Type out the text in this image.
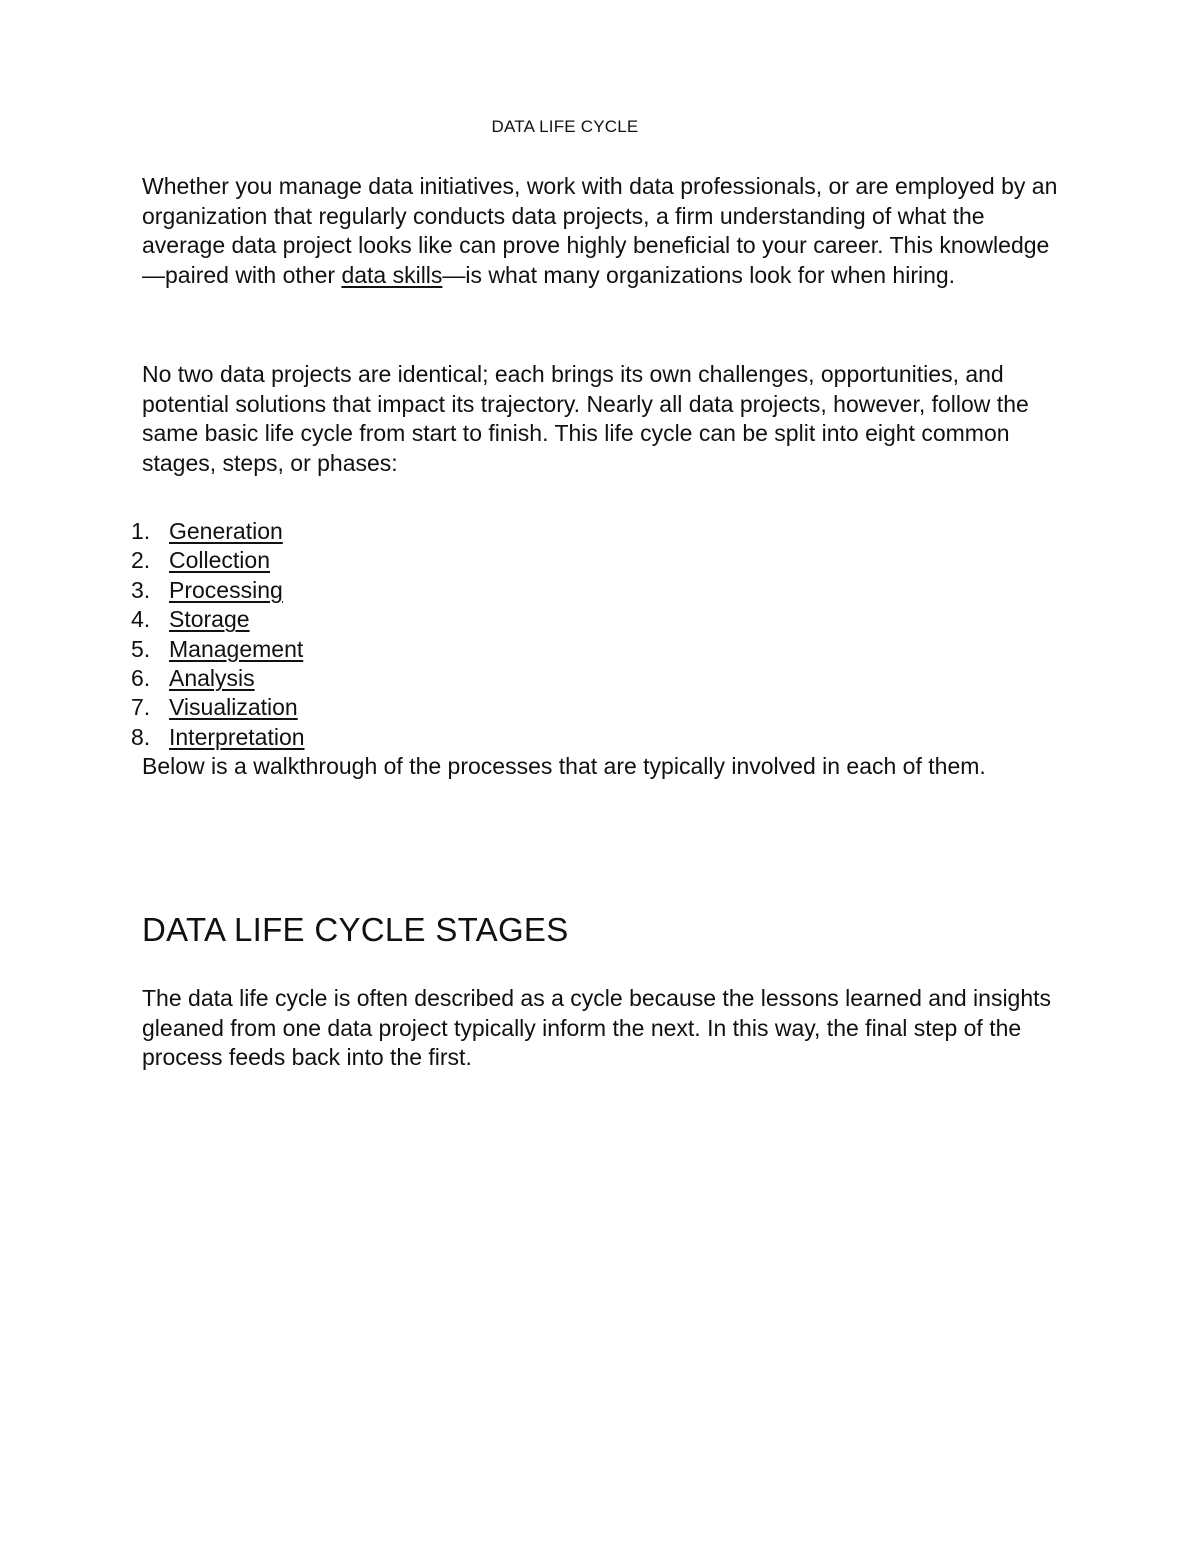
DATA LIFE CYCLE

Whether you manage data initiatives, work with data professionals, or are employed by an organization that regularly conducts data projects, a firm understanding of what the average data project looks like can prove highly beneficial to your career. This knowledge—paired with other data skills—is what many organizations look for when hiring.

No two data projects are identical; each brings its own challenges, opportunities, and potential solutions that impact its trajectory. Nearly all data projects, however, follow the same basic life cycle from start to finish. This life cycle can be split into eight common stages, steps, or phases:

1. Generation
2. Collection
3. Processing
4. Storage
5. Management
6. Analysis
7. Visualization
8. Interpretation

Below is a walkthrough of the processes that are typically involved in each of them.

DATA LIFE CYCLE STAGES

The data life cycle is often described as a cycle because the lessons learned and insights gleaned from one data project typically inform the next. In this way, the final step of the process feeds back into the first.
